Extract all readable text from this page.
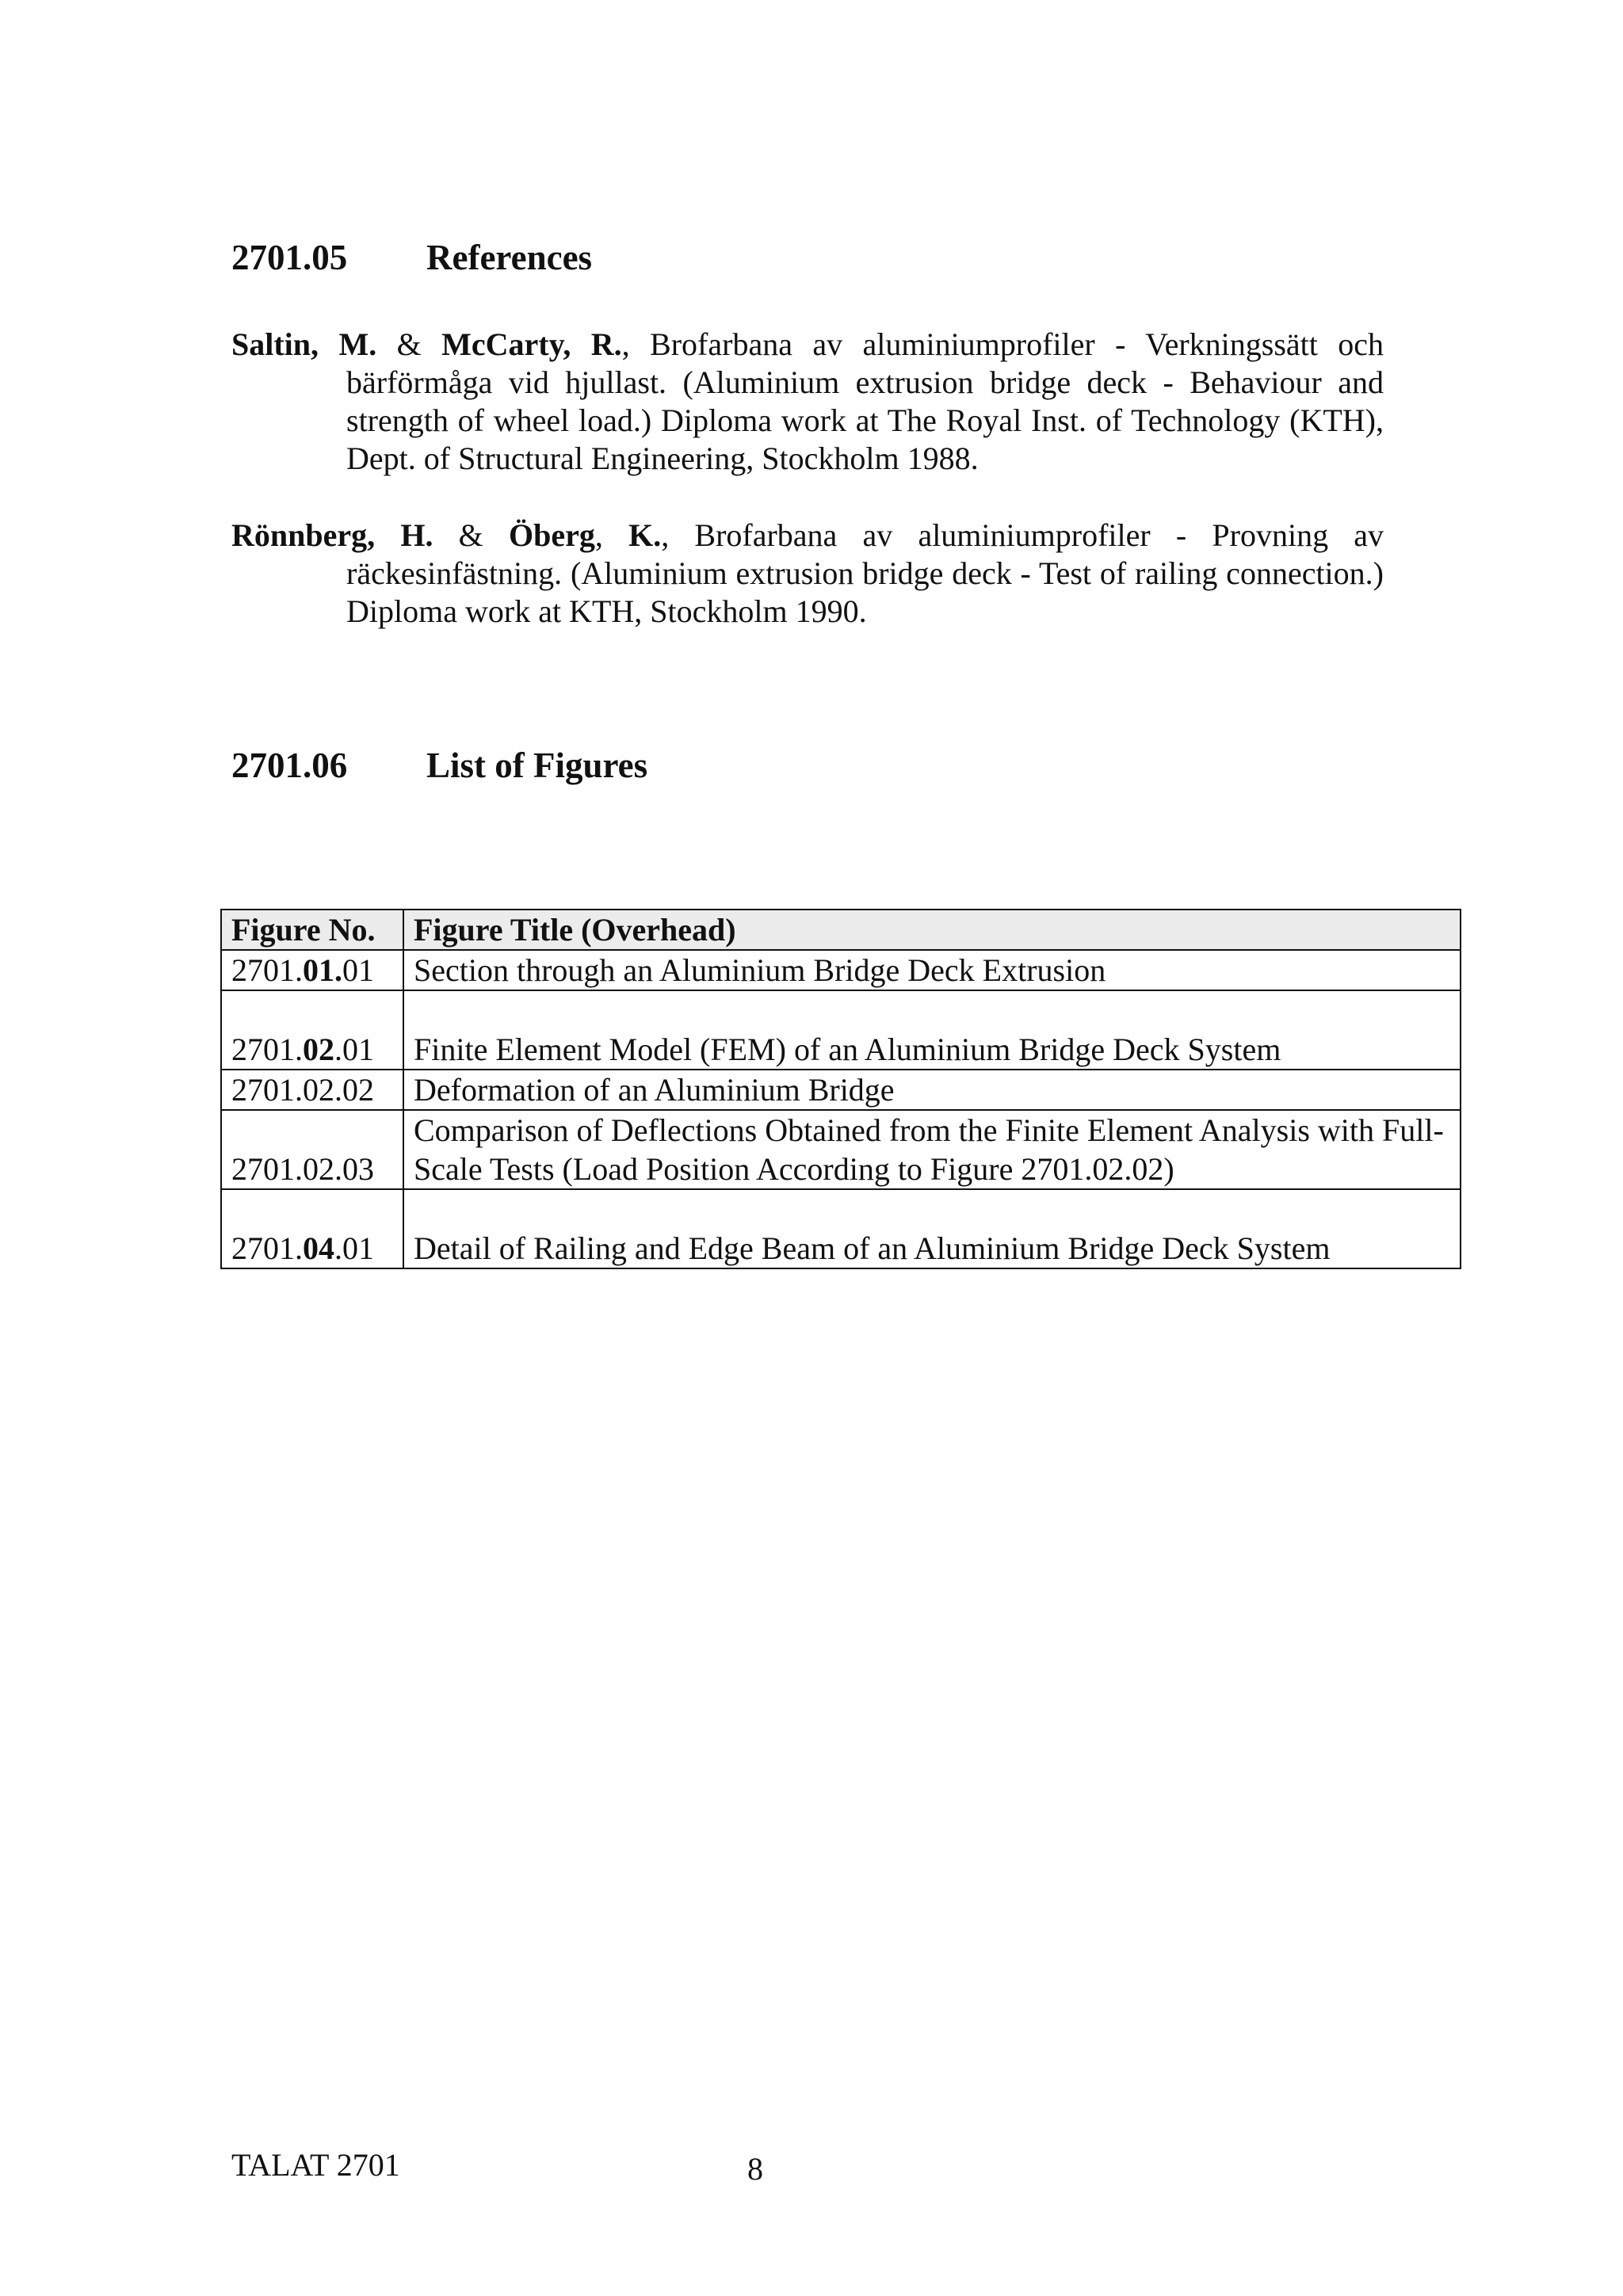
2701.05 References
Saltin, M. & McCarty, R., Brofarbana av aluminiumprofiler - Verkningssätt och bärförmåga vid hjullast. (Aluminium extrusion bridge deck - Behaviour and strength of wheel load.) Diploma work at The Royal Inst. of Technology (KTH), Dept. of Structural Engineering, Stockholm 1988.
Rönnberg, H. & Öberg, K., Brofarbana av aluminiumprofiler - Provning av räckesinfästning. (Aluminium extrusion bridge deck - Test of railing connection.) Diploma work at KTH, Stockholm 1990.
2701.06 List of Figures
Figure No.	Figure Title (Overhead)
2701.01.01	Section through an Aluminium Bridge Deck Extrusion
2701.02.01	Finite Element Model (FEM) of an Aluminium Bridge Deck System
2701.02.02	Deformation of an Aluminium Bridge
2701.02.03	Comparison of Deflections Obtained from the Finite Element Analysis with Full-Scale Tests (Load Position According to Figure 2701.02.02)
2701.04.01	Detail of Railing and Edge Beam of an Aluminium Bridge Deck System
TALAT 2701	8
